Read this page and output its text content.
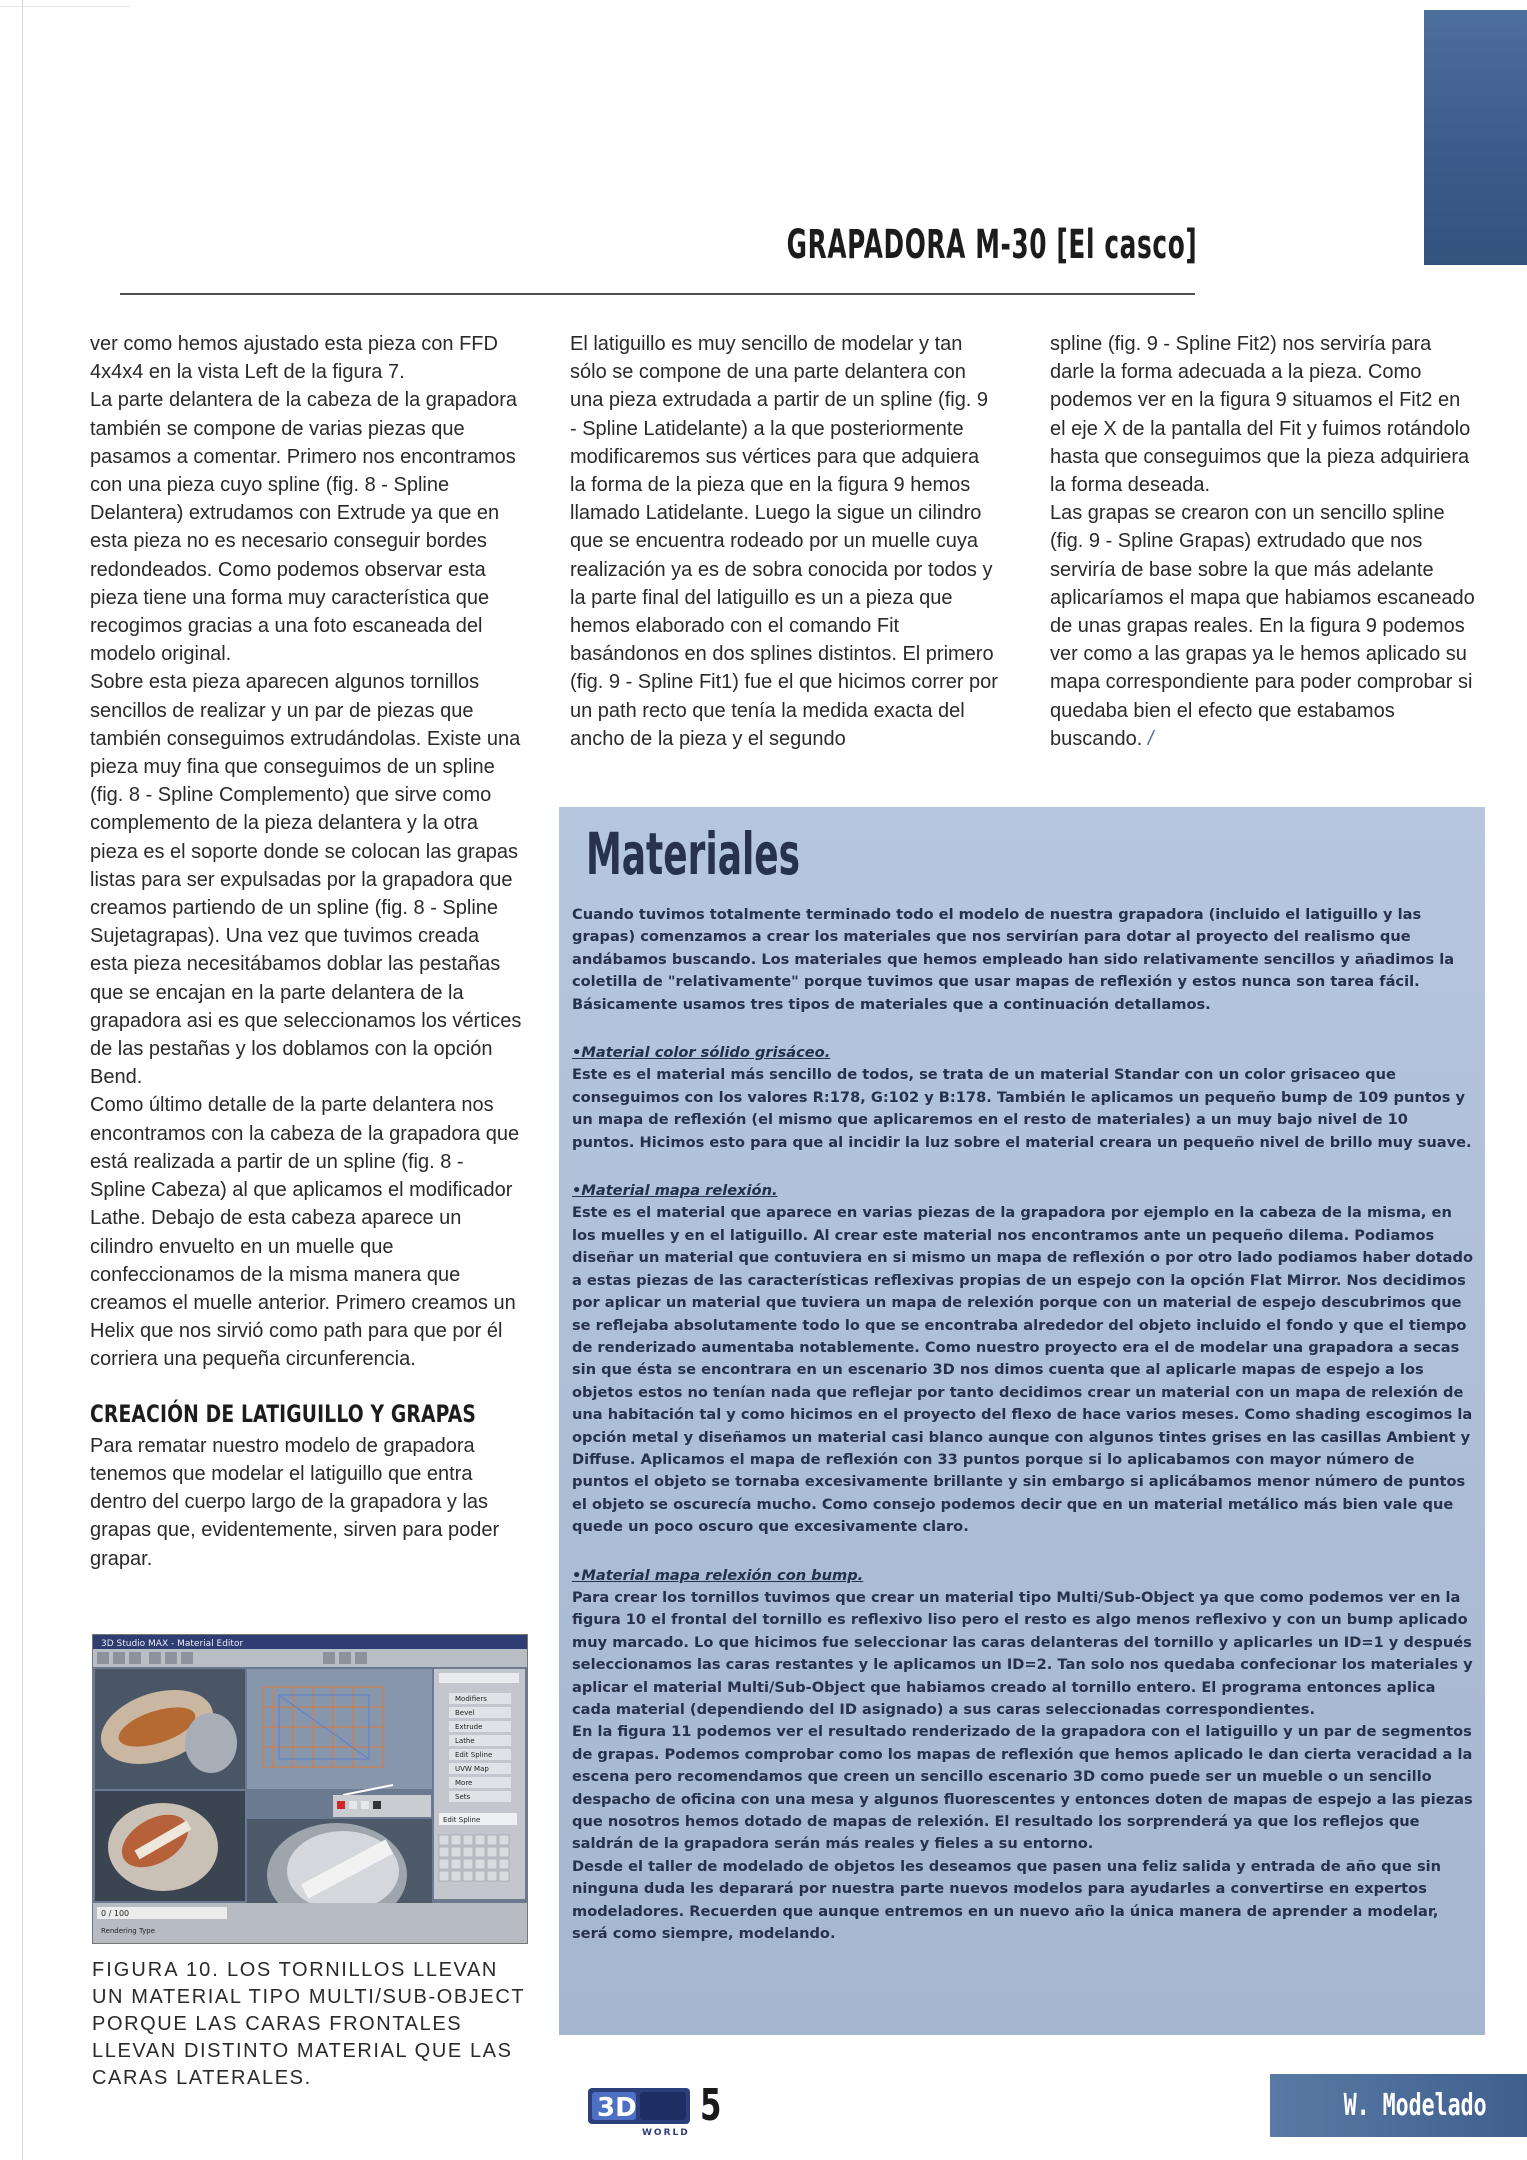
GRAPADORA M-30 [El casco]

ver como hemos ajustado esta pieza con FFD 4x4x4 en la vista Left de la figura 7.

La parte delantera de la cabeza de la grapadora también se compone de varias piezas que pasamos a comentar. Primero nos encontramos con una pieza cuyo spline (fig. 8 - Spline Delantera) extrudamos con Extrude ya que en esta pieza no es necesario conseguir bordes redondeados. Como podemos observar esta pieza tiene una forma muy característica que recogimos gracias a una foto escaneada del modelo original.

Sobre esta pieza aparecen algunos tornillos sencillos de realizar y un par de piezas que también conseguimos extrudándolas. Existe una pieza muy fina que conseguimos de un spline (fig. 8 - Spline Complemento) que sirve como complemento de la pieza delantera y la otra pieza es el soporte donde se colocan las grapas listas para ser expulsadas por la grapadora que creamos partiendo de un spline (fig. 8 - Spline Sujetagrapas). Una vez que tuvimos creada esta pieza necesitábamos doblar las pestañas que se encajan en la parte delantera de la grapadora asi es que seleccionamos los vértices de las pestañas y los doblamos con la opción Bend.

Como último detalle de la parte delantera nos encontramos con la cabeza de la grapadora que está realizada a partir de un spline (fig. 8 - Spline Cabeza) al que aplicamos el modificador Lathe. Debajo de esta cabeza aparece un cilindro envuelto en un muelle que confeccionamos de la misma manera que creamos el muelle anterior. Primero creamos un Helix que nos sirvió como path para que por él corriera una pequeña circunferencia.

CREACIÓN DE LATIGUILLO Y GRAPAS

Para rematar nuestro modelo de grapadora tenemos que modelar el latiguillo que entra dentro del cuerpo largo de la grapadora y las grapas que, evidentemente, sirven para poder grapar.

El latiguillo es muy sencillo de modelar y tan sólo se compone de una parte delantera con una pieza extrudada a partir de un spline (fig. 9 - Spline Latidelante) a la que posteriormente modificaremos sus vértices para que adquiera la forma de la pieza que en la figura 9 hemos llamado Latidelante. Luego la sigue un cilindro que se encuentra rodeado por un muelle cuya realización ya es de sobra conocida por todos y la parte final del latiguillo es un a pieza que hemos elaborado con el comando Fit basándonos en dos splines distintos. El primero (fig. 9 - Spline Fit1) fue el que hicimos correr por un path recto que tenía la medida exacta del ancho de la pieza y el segundo

spline (fig. 9 - Spline Fit2) nos serviría para darle la forma adecuada a la pieza. Como podemos ver en la figura 9 situamos el Fit2 en el eje X de la pantalla del Fit y fuimos rotándolo hasta que conseguimos que la pieza adquiriera la forma deseada.

Las grapas se crearon con un sencillo spline (fig. 9 - Spline Grapas) extrudado que nos serviría de base sobre la que más adelante aplicaríamos el mapa que habiamos escaneado de unas grapas reales. En la figura 9 podemos ver como a las grapas ya le hemos aplicado su mapa correspondiente para poder comprobar si quedaba bien el efecto que estabamos buscando. /

3D Studio MAX - Material Editor
Modifiers
Bevel
Extrude
Lathe
Edit Spline
UVW Map
More
Sets
Edit Spline
0 / 100
Rendering Type
FIGURA 10. LOS TORNILLOS LLEVAN UN MATERIAL TIPO MULTI/SUB-OBJECT PORQUE LAS CARAS FRONTALES LLEVAN DISTINTO MATERIAL QUE LAS CARAS LATERALES.
Materiales

Cuando tuvimos totalmente terminado todo el modelo de nuestra grapadora (incluido el latiguillo y las grapas) comenzamos a crear los materiales que nos servirían para dotar al proyecto del realismo que andábamos buscando. Los materiales que hemos empleado han sido relativamente sencillos y añadimos la coletilla de "relativamente" porque tuvimos que usar mapas de reflexión y estos nunca son tarea fácil. Básicamente usamos tres tipos de materiales que a continuación detallamos.

•Material color sólido grisáceo.

Este es el material más sencillo de todos, se trata de un material Standar con un color grisaceo que conseguimos con los valores R:178, G:102 y B:178. También le aplicamos un pequeño bump de 109 puntos y un mapa de reflexión (el mismo que aplicaremos en el resto de materiales) a un muy bajo nivel de 10 puntos. Hicimos esto para que al incidir la luz sobre el material creara un pequeño nivel de brillo muy suave.

•Material mapa relexión.

Este es el material que aparece en varias piezas de la grapadora por ejemplo en la cabeza de la misma, en los muelles y en el latiguillo. Al crear este material nos encontramos ante un pequeño dilema. Podiamos diseñar un material que contuviera en si mismo un mapa de reflexión o por otro lado podiamos haber dotado a estas piezas de las características reflexivas propias de un espejo con la opción Flat Mirror. Nos decidimos por aplicar un material que tuviera un mapa de relexión porque con un material de espejo descubrimos que se reflejaba absolutamente todo lo que se encontraba alrededor del objeto incluido el fondo y que el tiempo de renderizado aumentaba notablemente. Como nuestro proyecto era el de modelar una grapadora a secas sin que ésta se encontrara en un escenario 3D nos dimos cuenta que al aplicarle mapas de espejo a los objetos estos no tenían nada que reflejar por tanto decidimos crear un material con un mapa de relexión de una habitación tal y como hicimos en el proyecto del flexo de hace varios meses. Como shading escogimos la opción metal y diseñamos un material casi blanco aunque con algunos tintes grises en las casillas Ambient y Diffuse. Aplicamos el mapa de reflexión con 33 puntos porque si lo aplicabamos con mayor número de puntos el objeto se tornaba excesivamente brillante y sin embargo si aplicábamos menor número de puntos el objeto se oscurecía mucho. Como consejo podemos decir que en un material metálico más bien vale que quede un poco oscuro que excesivamente claro.

•Material mapa relexión con bump.

Para crear los tornillos tuvimos que crear un material tipo Multi/Sub-Object ya que como podemos ver en la figura 10 el frontal del tornillo es reflexivo liso pero el resto es algo menos reflexivo y con un bump aplicado muy marcado. Lo que hicimos fue seleccionar las caras delanteras del tornillo y aplicarles un ID=1 y después seleccionamos las caras restantes y le aplicamos un ID=2. Tan solo nos quedaba confecionar los materiales y aplicar el material Multi/Sub-Object que habiamos creado al tornillo entero. El programa entonces aplica cada material (dependiendo del ID asignado) a sus caras seleccionadas correspondientes.

En la figura 11 podemos ver el resultado renderizado de la grapadora con el latiguillo y un par de segmentos de grapas. Podemos comprobar como los mapas de reflexión que hemos aplicado le dan cierta veracidad a la escena pero recomendamos que creen un sencillo escenario 3D como puede ser un mueble o un sencillo despacho de oficina con una mesa y algunos fluorescentes y entonces doten de mapas de espejo a las piezas que nosotros hemos dotado de mapas de relexión. El resultado los sorprenderá ya que los reflejos que saldrán de la grapadora serán más reales y fieles a su entorno.

Desde el taller de modelado de objetos les deseamos que pasen una feliz salida y entrada de año que sin ninguna duda les deparará por nuestra parte nuevos modelos para ayudarles a convertirse en expertos modeladores. Recuerden que aunque entremos en un nuevo año la única manera de aprender a modelar, será como siempre, modelando.

3D
WORLD
5	W. Modelado
